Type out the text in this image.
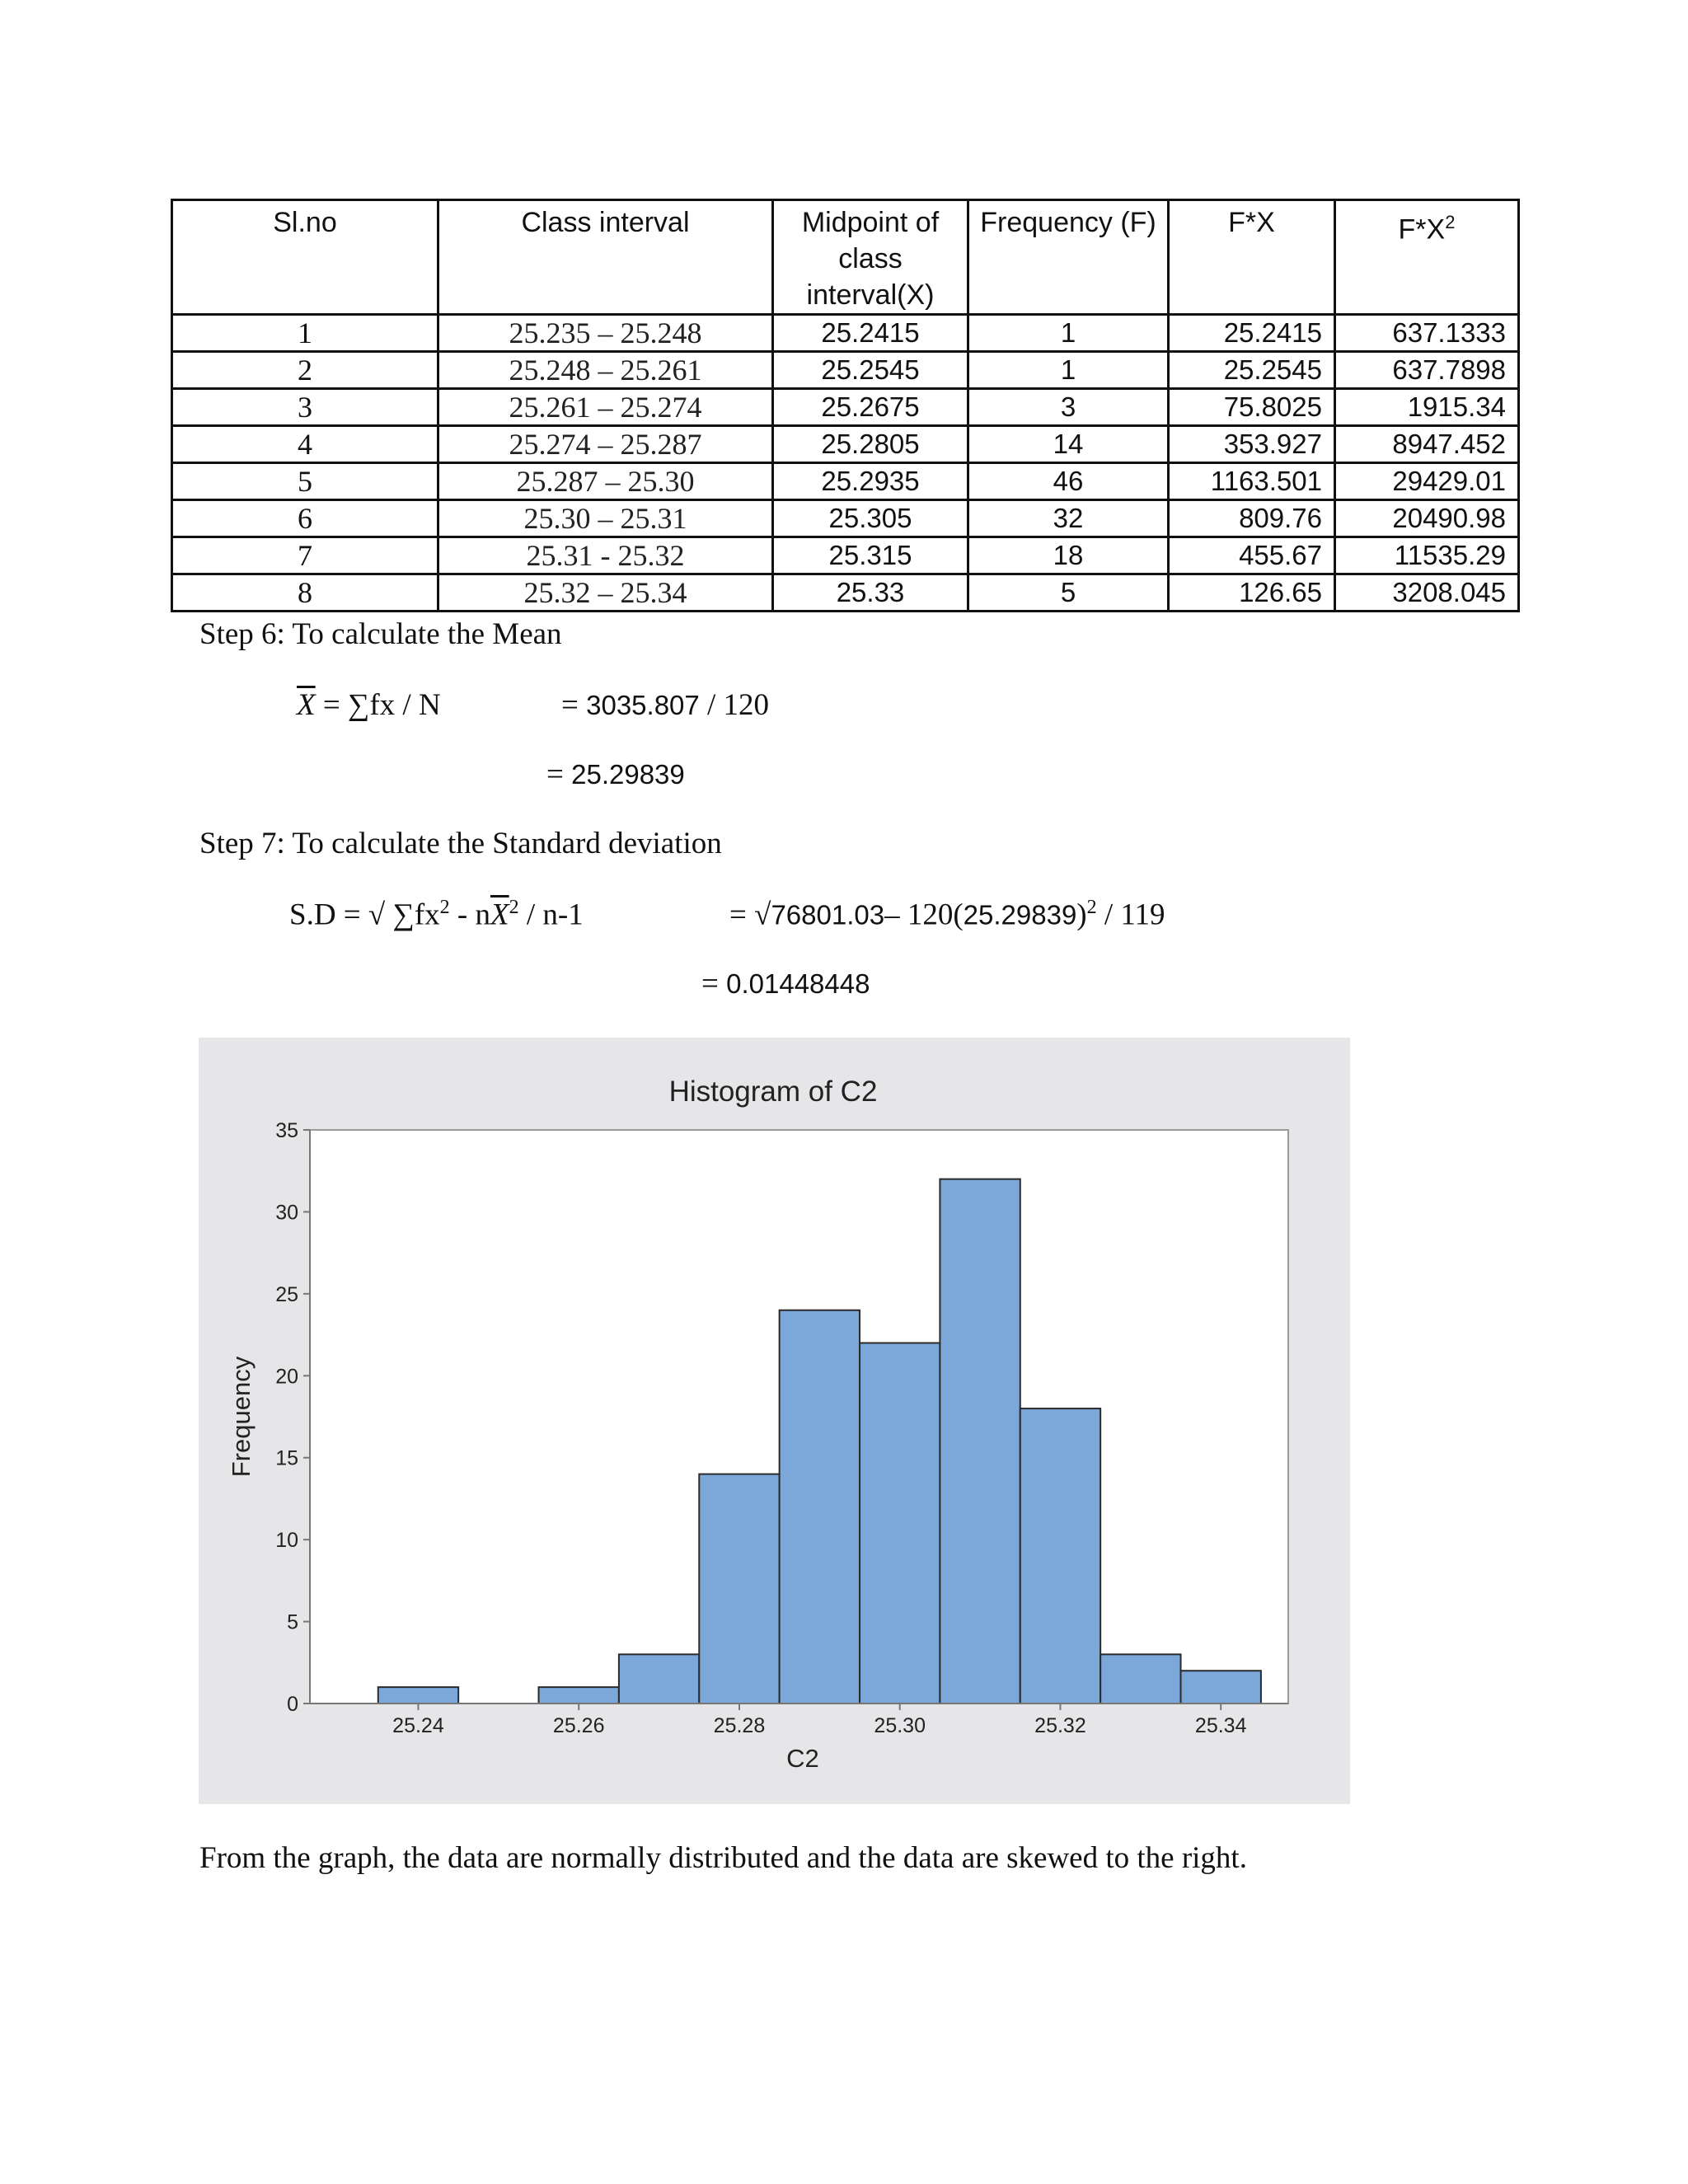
Sl.no	Class interval	Midpoint of class interval(X)	Frequency (F)	F*X	$F*X^2$
1	25.235 – 25.248	25.2415	1	25.2415	637.1333
2	25.248 – 25.261	25.2545	1	25.2545	637.7898
3	25.261 – 25.274	25.2675	3	75.8025	1915.34
4	25.274 – 25.287	25.2805	14	353.927	8947.452
5	25.287 – 25.30	25.2935	46	1163.501	29429.01
6	25.30 – 25.31	25.305	32	809.76	20490.98
7	25.31 - 25.32	25.315	18	455.67	11535.29
8	25.32 – 25.34	25.33	5	126.65	3208.045
Step 6: To calculate the Mean
$\overline{X} = \sum fx / N$	= 3035.807 / 120
= 25.29839
Step 7: To calculate the Standard deviation
S.D = √ $\sum fx^2 - n\overline{X}^2 / n-1$	= √76801.03– $120(25.29839)^2 / 119$
= 0.01448448
Histogram of C2
0
5
10
15
20
25
30
35
25.24	25.26	25.28	25.30	25.32	25.34
C2
Frequency
From the graph, the data are normally distributed and the data are skewed to the right.
